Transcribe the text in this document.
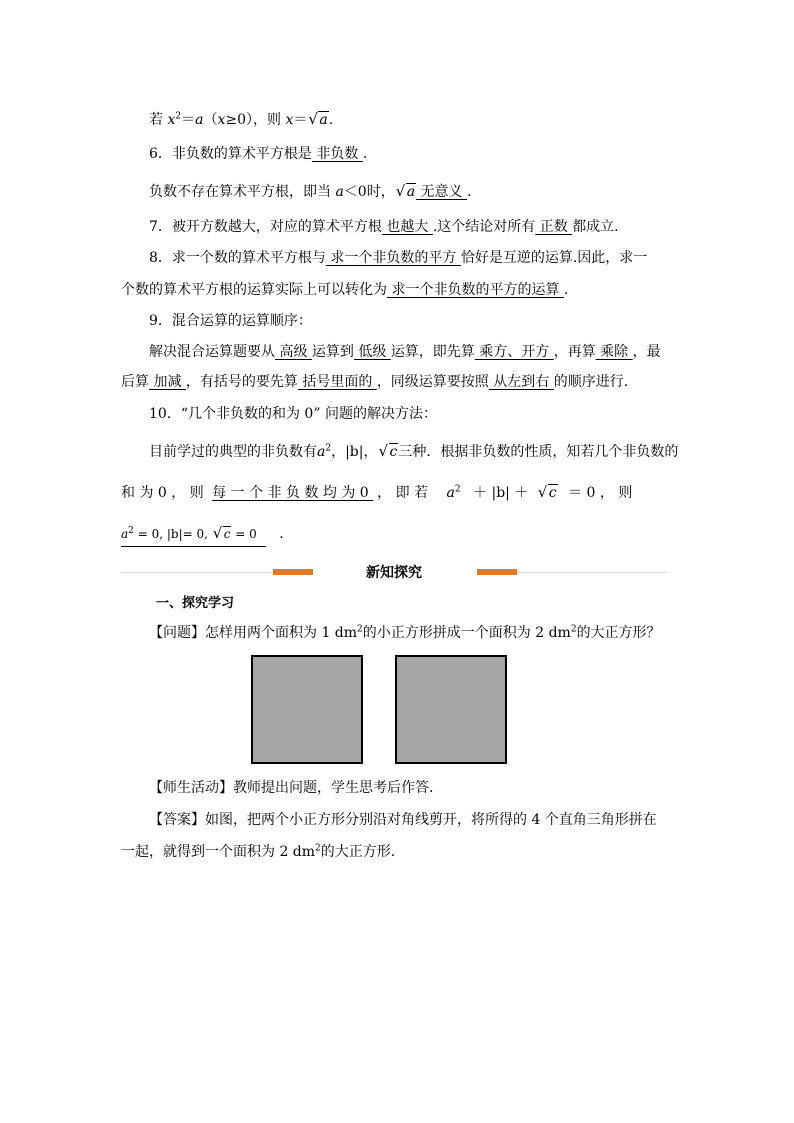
若 $x^2=a(x\ge 0)$，则 x＝ √ a.
6．非负数的算术平方根是 非负数 .
负数不存在算术平方根，即当 a＜0时， √ a 无意义 .
7．被开方数越大，对应的算术平方根 也越大 .这个结论对所有 正数 都成立.
8．求一个数的算术平方根与 求一个非负数的平方 恰好是互逆的运算.因此，求一
个数的算术平方根的运算实际上可以转化为 求一个非负数的平方的运算 .
9．混合运算的运算顺序：
解决混合运算题要从 高级 运算到 低级 运算，即先算 乘方、开方 ，再算 乘除 ，最
后算 加减 ，有括号的要先算 括号里面的 ，同级运算要按照 从左到右 的顺序进行.
10．“几个非负数的和为 0” 问题的解决方法：
目前学过的典型的非负数有$a^2$，|b|， √ c三种．根据非负数的性质，知若几个非负数的
和 为 0 ， 则 每 一 个 非 负 数 均 为 0 ， 即 若 $a^2 + |b|$ ＋ √ c ＝ 0 ， 则
$a^2 = 0$, |b|= 0, √ c = 0 .
新知探究
一、探究学习
【问题】怎样用两个面积为 1 $dm^2$的小正方形拼成一个面积为 2 $dm^2$的大正方形？
【师生活动】教师提出问题，学生思考后作答.
【答案】如图，把两个小正方形分别沿对角线剪开，将所得的 4 个直角三角形拼在
一起，就得到一个面积为 2 $dm^2$的大正方形.
